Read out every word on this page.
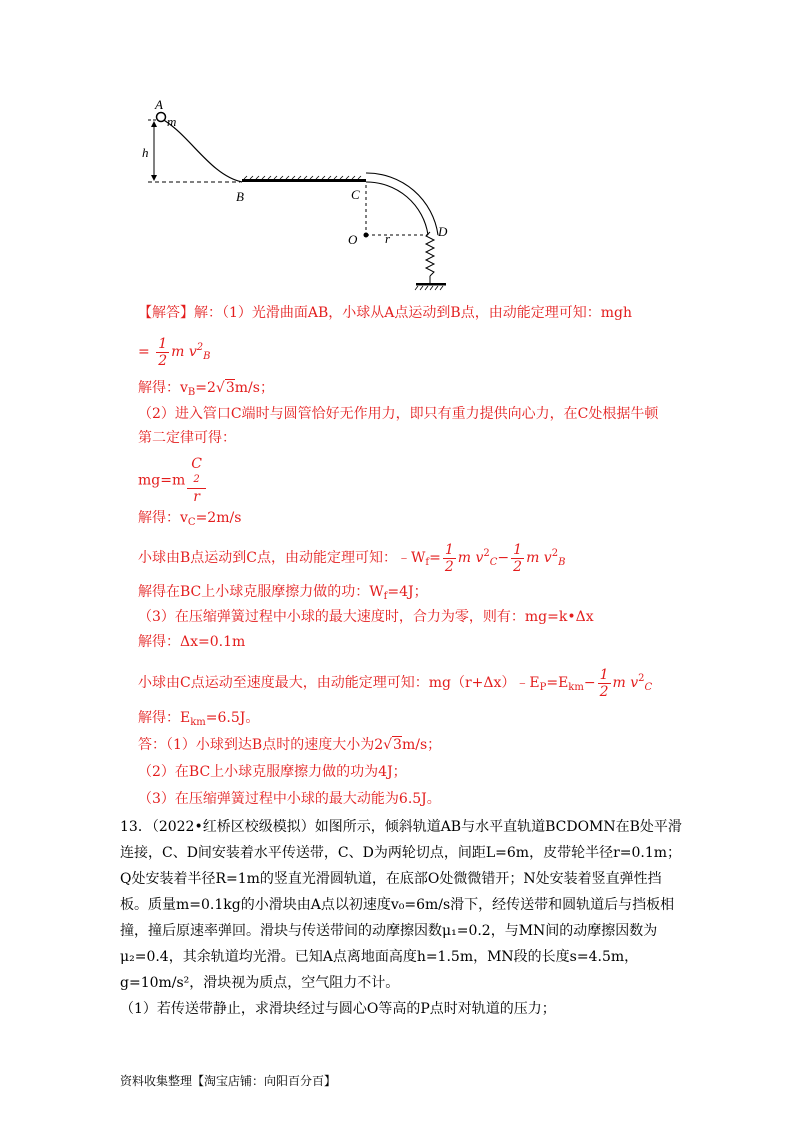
A
m
h
B	C
O r	D
【解答】解：（1）光滑曲面AB，小球从A点运动到B点，由动能定理可知：mgh
= $\frac{1}{2}$ m $v^2_B$
解得：$v_B=2√3m/s$；
（2）进入管口C端时与圆管恰好无作用力，即只有重力提供向心力，在C处根据牛顿
第二定律可得：
mg=m C
2
r
解得：$v_C=2m/s$
小球由B点运动到C点，由动能定理可知：$﹣W_f= \frac{1}{2}$ m $v^2_C- \frac{1}{2}$ m $v^2_B$
解得在BC上小球克服摩擦力做的功：$W_f=4J$；
（3）在压缩弹簧过程中小球的最大速度时，合力为零，则有：mg=k•Δx
解得：Δx=0.1m
小球由C点运动至速度最大，由动能定理可知：$mg(r+\Delta x)﹣E_P=E_{km}- \frac{1}{2}$ m $v^2_C$
解得：$E_{km}=6.5J$。
答：（1）小球到达B点时的速度大小为2√3m/s；
（2）在BC上小球克服摩擦力做的功为4J；
（3）在压缩弹簧过程中小球的最大动能为6.5J。
13．（2022•红桥区校级模拟）如图所示，倾斜轨道AB与水平直轨道BCDOMN在B处平滑连接，C、D间安装着水平传送带，C、D为两轮切点，间距L=6m，皮带轮半径r=0.1m；Q处安装着半径R=1m的竖直光滑圆轨道，在底部O处微微错开；N处安装着竖直弹性挡板。质量m=0.1kg的小滑块由A点以初速度v₀=6m/s滑下，经传送带和圆轨道后与挡板相撞，撞后原速率弹回。滑块与传送带间的动摩擦因数μ₁=0.2，与MN间的动摩擦因数为μ₂=0.4，其余轨道均光滑。已知A点离地面高度h=1.5m，MN段的长度s=4.5m，g=10m/s²，滑块视为质点，空气阻力不计。
（1）若传送带静止，求滑块经过与圆心O等高的P点时对轨道的压力；
资料收集整理【淘宝店铺：向阳百分百】
